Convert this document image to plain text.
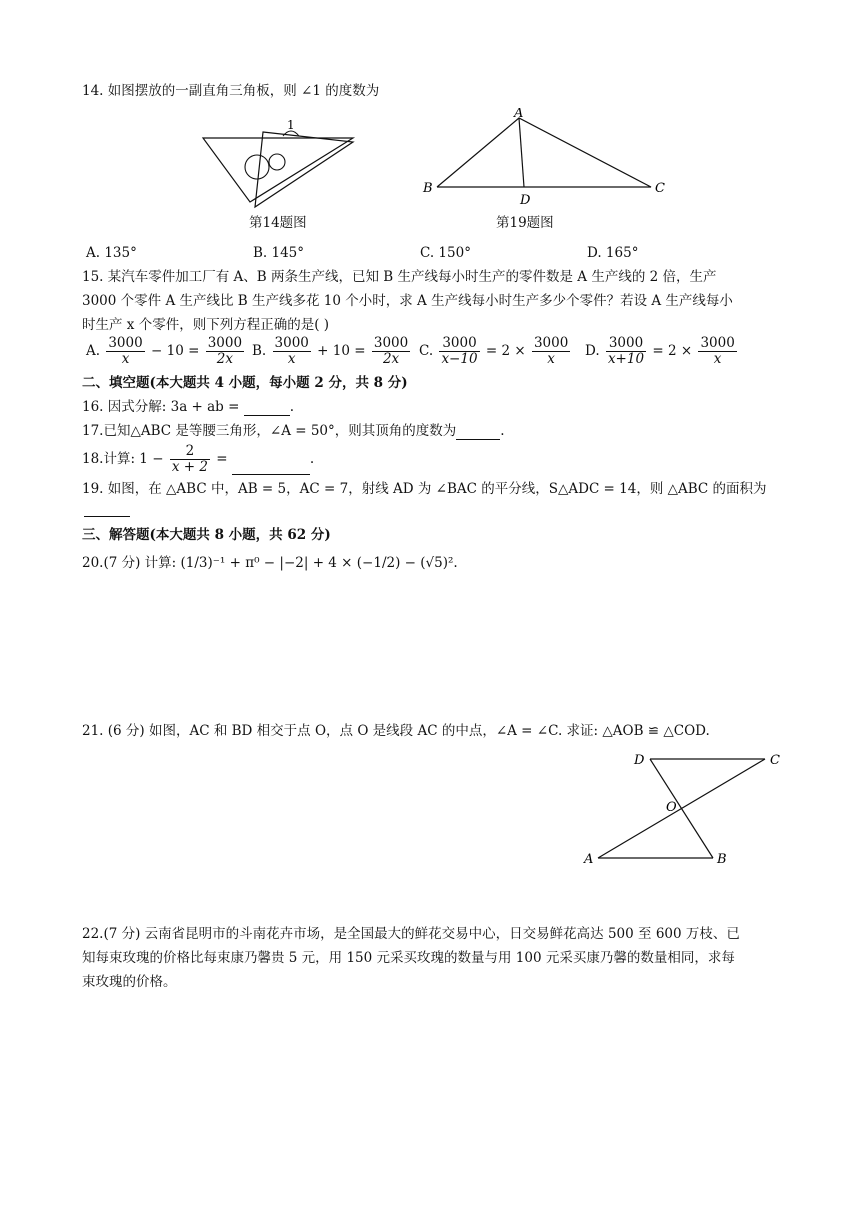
14. 如图摆放的一副直角三角板，则 ∠1 的度数为
1
第14题图
A
B	C
D
第19题图
A. 135°	B. 145°	C. 150°	D. 165°
15. 某汽车零件加工厂有 A、B 两条生产线，已知 B 生产线每小时生产的零件数是 A 生产线的 2 倍，生产
3000 个零件 A 生产线比 B 生产线多花 10 个小时，求 A 生产线每小时生产多少个零件？若设 A 生产线每小
时生产 x 个零件，则下列方程正确的是( )
A. $\frac{3000}{x} - 10 = \frac{3000}{2x} B$. $\frac{3000}{x} + 10 = \frac{3000}{2x} C$. $\frac{3000}{x-10} = 2 \times \frac{3000}{x} D$. $\frac{3000}{x+10} = 2 \times \frac{3000}{x}$
二、填空题(本大题共 4 小题，每小题 2 分，共 8 分)
16. 因式分解: 3a + ab =	.
17.已知△ABC 是等腰三角形，∠A = 50°，则其顶角的度数为	.
18.计算: $1 - \frac{2}{x + 2}$ =	.
19. 如图，在 △ABC 中，AB = 5，AC = 7，射线 AD 为 ∠BAC 的平分线，S△ADC = 14，则 △ABC 的面积为
三、解答题(本大题共 8 小题，共 62 分)
20.(7 分) 计算: (1/3)⁻¹ + π⁰ − |−2| + 4 × (−1/2) − (√5)².
21. (6 分) 如图，AC 和 BD 相交于点 O，点 O 是线段 AC 的中点，∠A = ∠C. 求证: △AOB ≌ △COD.
D	C
O
A	B
22.(7 分) 云南省昆明市的斗南花卉市场，是全国最大的鲜花交易中心，日交易鲜花高达 500 至 600 万枝、已
知每束玫瑰的价格比每束康乃馨贵 5 元，用 150 元采买玫瑰的数量与用 100 元采买康乃馨的数量相同，求每
束玫瑰的价格。
